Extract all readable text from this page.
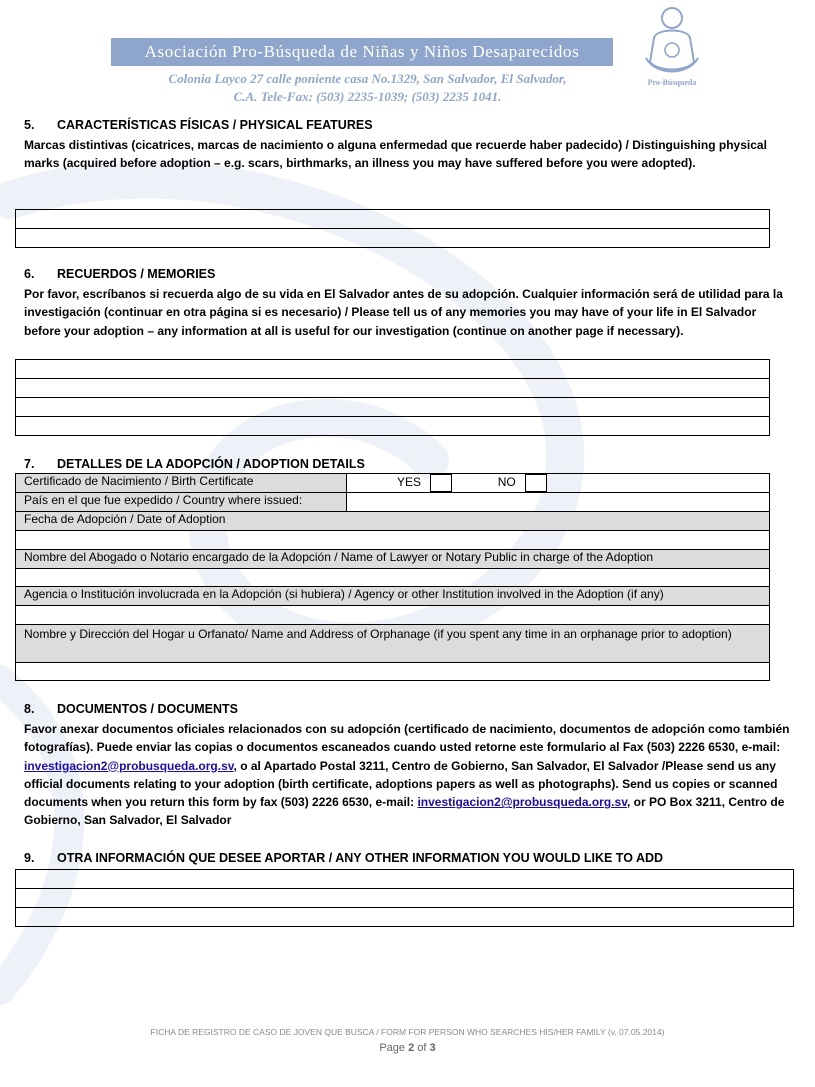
Asociación Pro-Búsqueda de Niñas y Niños Desaparecidos
Colonia Layco 27 calle poniente casa No.1329, San Salvador, El Salvador,
C.A. Tele-Fax: (503) 2235-1039; (503) 2235 1041.
Pro-Búsqueda
5. CARACTERÍSTICAS FÍSICAS / PHYSICAL FEATURES
Marcas distintivas (cicatrices, marcas de nacimiento o alguna enfermedad que recuerde haber padecido) / Distinguishing physical marks (acquired before adoption – e.g. scars, birthmarks, an illness you may have suffered before you were adopted).
6. RECUERDOS / MEMORIES
Por favor, escríbanos si recuerda algo de su vida en El Salvador antes de su adopción. Cualquier información será de utilidad para la investigación (continuar en otra página si es necesario) / Please tell us of any memories you may have of your life in El Salvador before your adoption – any information at all is useful for our investigation (continue on another page if necessary).
7. DETALLES DE LA ADOPCIÓN / ADOPTION DETAILS
Certificado de Nacimiento / Birth Certificate	YES NO
País en el que fue expedido / Country where issued:	
Fecha de Adopción / Date of Adoption	

Nombre del Abogado o Notario encargado de la Adopción / Name of Lawyer or Notary Public in charge of the Adoption	

Agencia o Institución involucrada en la Adopción (si hubiera) / Agency or other Institution involved in the Adoption (if any)	

Nombre y Dirección del Hogar u Orfanato/ Name and Address of Orphanage (if you spent any time in an orphanage prior to adoption)	

8. DOCUMENTOS / DOCUMENTS
Favor anexar documentos oficiales relacionados con su adopción (certificado de nacimiento, documentos de adopción como también fotografías). Puede enviar las copias o documentos escaneados cuando usted retorne este formulario al Fax (503) 2226 6530, e-mail: investigacion2@probusqueda.org.sv, o al Apartado Postal 3211, Centro de Gobierno, San Salvador, El Salvador /Please send us any official documents relating to your adoption (birth certificate, adoptions papers as well as photographs). Send us copies or scanned documents when you return this form by fax (503) 2226 6530, e-mail: investigacion2@probusqueda.org.sv, or PO Box 3211, Centro de Gobierno, San Salvador, El Salvador
9. OTRA INFORMACIÓN QUE DESEE APORTAR / ANY OTHER INFORMATION YOU WOULD LIKE TO ADD
FICHA DE REGISTRO DE CASO DE JOVEN QUE BUSCA / FORM FOR PERSON WHO SEARCHES HIS/HER FAMILY (v. 07.05.2014)
Page 2 of 3
